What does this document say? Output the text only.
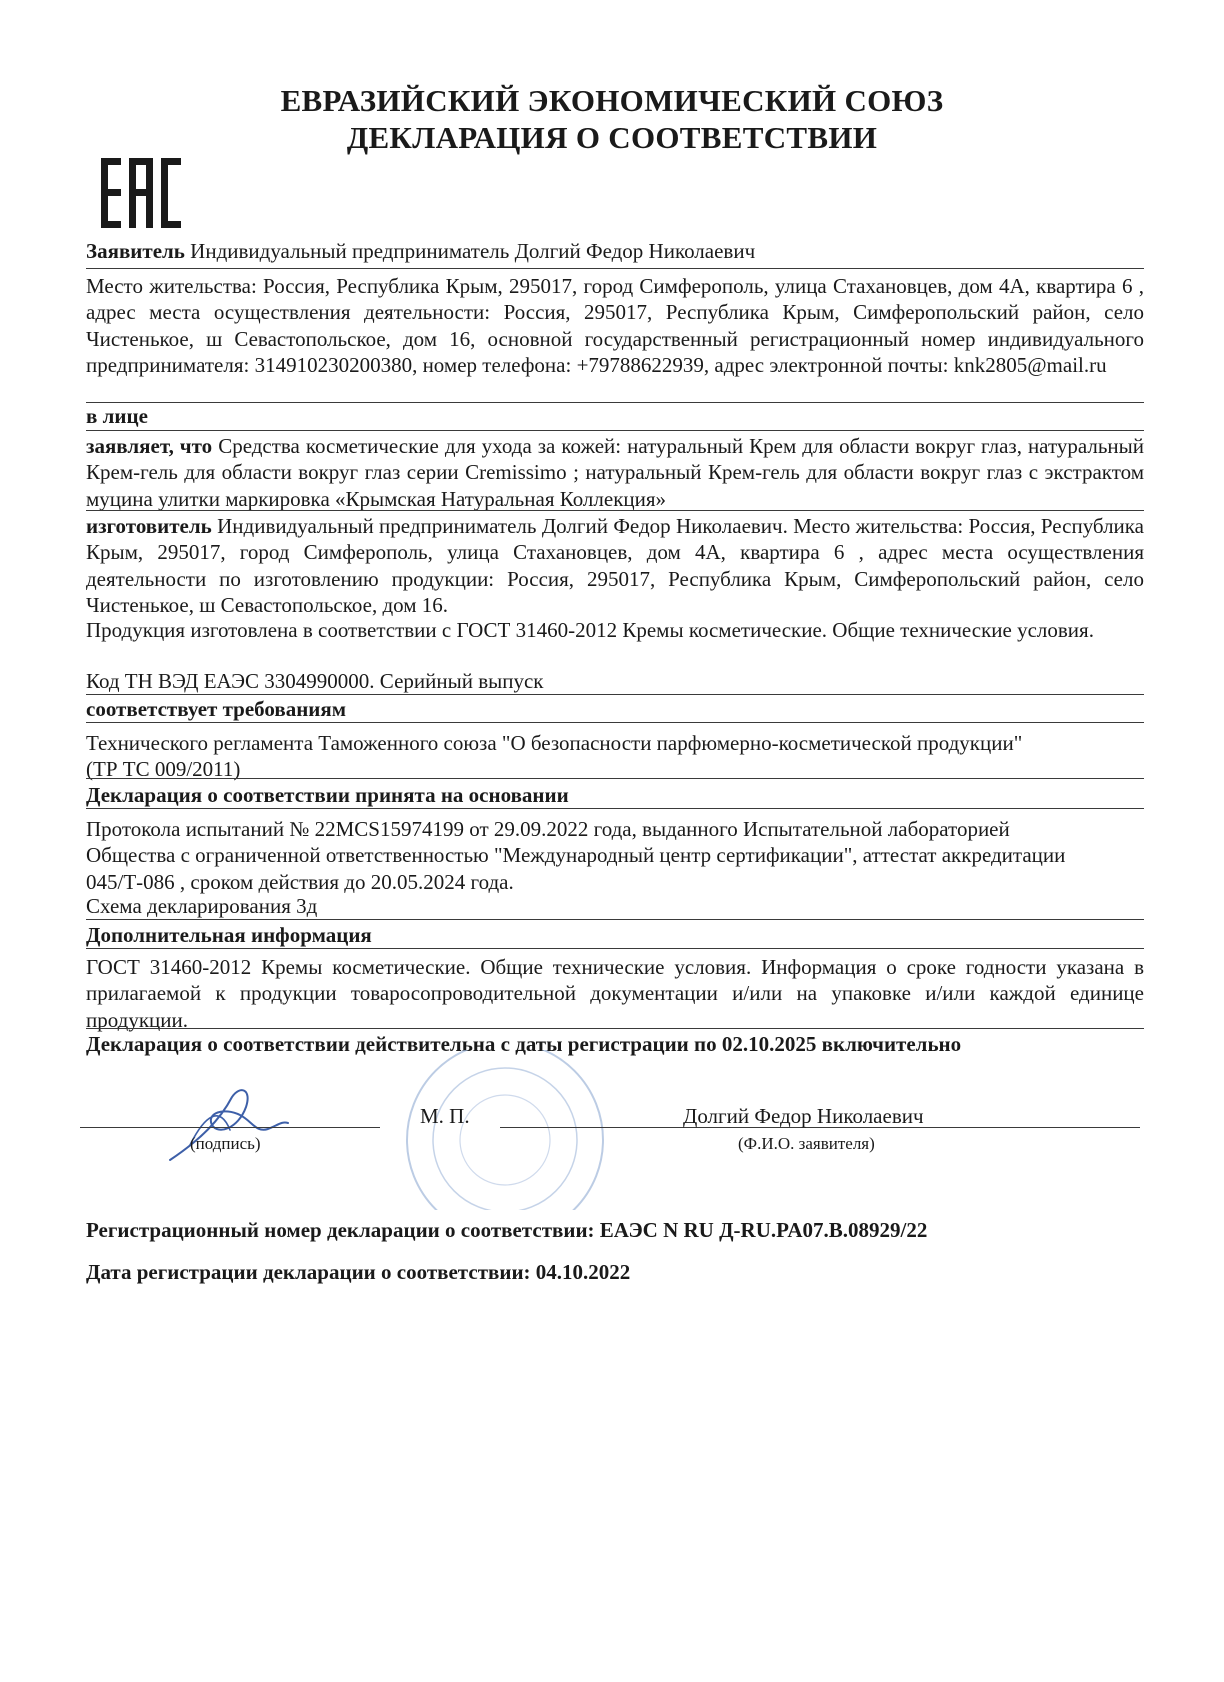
ЕВРАЗИЙСКИЙ ЭКОНОМИЧЕСКИЙ СОЮЗ
ДЕКЛАРАЦИЯ О СООТВЕТСТВИИ
Заявитель Индивидуальный предприниматель Долгий Федор Николаевич
Место жительства: Россия, Республика Крым, 295017, город Симферополь, улица Стахановцев, дом 4А, квартира 6 , адрес места осуществления деятельности: Россия, 295017, Республика Крым, Симферопольский район, село Чистенькое, ш Севастопольское, дом 16, основной государственный регистрационный номер индивидуального предпринимателя: 314910230200380, номер телефона: +79788622939, адрес электронной почты: knk2805@mail.ru
в лице
заявляет, что Средства косметические для ухода за кожей: натуральный Крем для области вокруг глаз, натуральный Крем-гель для области вокруг глаз серии Cremissimo ; натуральный Крем-гель для области вокруг глаз с экстрактом муцина улитки маркировка «Крымская Натуральная Коллекция»
изготовитель Индивидуальный предприниматель Долгий Федор Николаевич. Место жительства: Россия, Республика Крым, 295017, город Симферополь, улица Стахановцев, дом 4А, квартира 6 , адрес места осуществления деятельности по изготовлению продукции: Россия, 295017, Республика Крым, Симферопольский район, село Чистенькое, ш Севастопольское, дом 16.
Продукция изготовлена в соответствии с ГОСТ 31460-2012 Кремы косметические. Общие технические условия.
Код ТН ВЭД ЕАЭС 3304990000. Серийный выпуск
соответствует требованиям
Технического регламента Таможенного союза "О безопасности парфюмерно-косметической продукции" (ТР ТС 009/2011)
Декларация о соответствии принята на основании
Протокола испытаний № 22MCS15974199 от 29.09.2022 года, выданного Испытательной лабораторией Общества с ограниченной ответственностью "Международный центр сертификации", аттестат аккредитации 045/Т-086 , сроком действия до 20.05.2024 года.
Схема декларирования 3д
Дополнительная информация
ГОСТ 31460-2012 Кремы косметические. Общие технические условия. Информация о сроке годности указана в прилагаемой к продукции товаросопроводительной документации и/или на упаковке и/или каждой единице продукции.
Декларация о соответствии действительна с даты регистрации по 02.10.2025 включительно
М. П.	Долгий Федор Николаевич
(подпись)	(Ф.И.О. заявителя)
Регистрационный номер декларации о соответствии: ЕАЭС N RU Д-RU.PA07.B.08929/22
Дата регистрации декларации о соответствии: 04.10.2022
